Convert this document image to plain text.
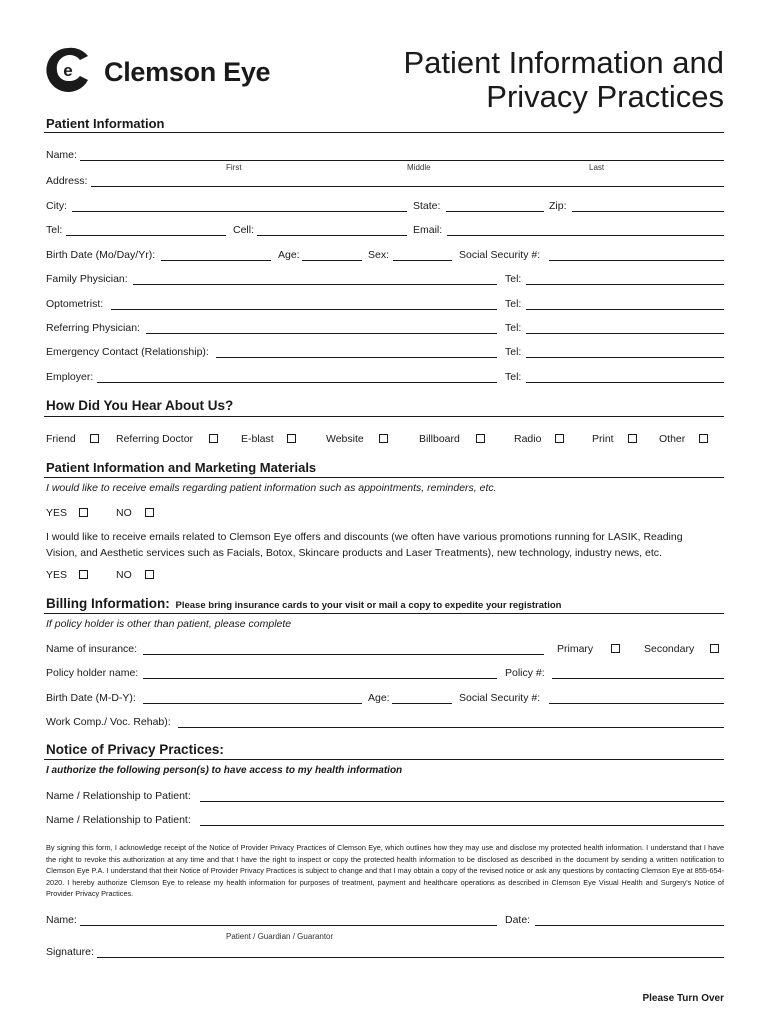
e Clemson Eye	Patient Information and
Privacy Practices
Patient Information
Name:
First	Middle	Last
Address:
City:	State:	Zip:
Tel:	Cell:	Email:
Birth Date (Mo/Day/Yr):	Age:	Sex:	Social Security #:
Family Physician:	Tel:
Optometrist:	Tel:
Referring Physician:	Tel:
Emergency Contact (Relationship):	Tel:
Employer:	Tel:
How Did You Hear About Us?
Friend	Referring Doctor	E-blast	Website	Billboard	Radio	Print	Other
Patient Information and Marketing Materials
I would like to receive emails regarding patient information such as appointments, reminders, etc.
YES	NO
I would like to receive emails related to Clemson Eye offers and discounts (we often have various promotions running for LASIK, Reading
Vision, and Aesthetic services such as Facials, Botox, Skincare products and Laser Treatments), new technology, industry news, etc.
YES	NO
Billing Information: Please bring insurance cards to your visit or mail a copy to expedite your registration
If policy holder is other than patient, please complete
Name of insurance:	Primary	Secondary
Policy holder name:	Policy #:
Birth Date (M-D-Y):	Age:	Social Security #:
Work Comp./ Voc. Rehab):
Notice of Privacy Practices:
I authorize the following person(s) to have access to my health information
Name / Relationship to Patient:
Name / Relationship to Patient:
By signing this form, I acknowledge receipt of the Notice of Provider Privacy Practices of Clemson Eye, which outlines how they may use and disclose my protected health information. I understand that I have the right to revoke this authorization at any time and that I have the right to inspect or copy the protected health information to be disclosed as described in the document by sending a written notification to Clemson Eye P.A. I understand that their Notice of Provider Privacy Practices is subject to change and that I may obtain a copy of the revised notice or ask any questions by contacting Clemson Eye at 855-654-2020. I hereby authorize Clemson Eye to release my health information for purposes of treatment, payment and healthcare operations as described in Clemson Eye Visual Health and Surgery's Notice of Provider Privacy Practices.
Name:	Date:
Patient / Guardian / Guarantor
Signature:
Please Turn Over
